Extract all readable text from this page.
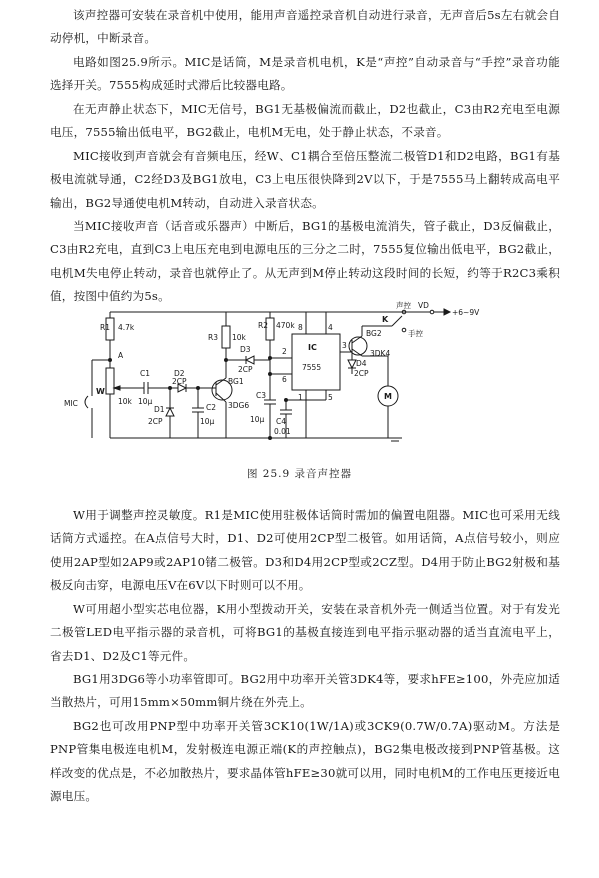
该声控器可安装在录音机中使用，能用声音遥控录音机自动进行录音，无声音后5s左右就会自动停机，中断录音。

电路如图25.9所示。MIC是话筒，M是录音机电机，K是“声控”自动录音与“手控”录音功能选择开关。7555构成延时式滞后比较器电路。

在无声静止状态下，MIC无信号，BG1无基极偏流而截止，D2也截止，C3由R2充电至电源电压，7555输出低电平，BG2截止，电机M无电，处于静止状态，不录音。

MIC接收到声音就会有音频电压，经W、C1耦合至倍压整流二极管D1和D2电路，BG1有基极电流就导通，C2经D3及BG1放电，C3上电压很快降到2V以下，于是7555马上翻转成高电平输出，BG2导通使电机M转动，自动进入录音状态。

当MIC接收声音（话音或乐器声）中断后，BG1的基极电流消失，管子截止，D3反偏截止，C3由R2充电，直到C3上电压充电到电源电压的三分之二时，7555复位输出低电平，BG2截止，电机M失电停止转动，录音也就停止了。从无声到M停止转动这段时间的长短，约等于R2C3乘积值，按图中值约为5s。

R1 4.7k
A
W
10k
MIC
C1
10μ
D2
2CP
D1
2CP
C2
10μ
BG1
3DG6
R3 10k
D3
2CP
R2 470k
C3
10μ C4
0.01
IC
7555
8	4
2
6
3
1	5
D4
2CP
BG2
3DK4
声控
手控
K
VD
+6~9V
M
图 25.9 录音声控器

W用于调整声控灵敏度。R1是MIC使用驻极体话筒时需加的偏置电阻器。MIC也可采用无线话筒方式遥控。在A点信号大时，D1、D2可使用2CP型二极管。如用话筒，A点信号较小，则应使用2AP型如2AP9或2AP10锗二极管。D3和D4用2CP型或2CZ型。D4用于防止BG2射极和基极反向击穿，电源电压V在6V以下时则可以不用。

W可用超小型实芯电位器，K用小型拨动开关，安装在录音机外壳一侧适当位置。对于有发光二极管LED电平指示器的录音机，可将BG1的基极直接连到电平指示驱动器的适当直流电平上，省去D1、D2及C1等元件。

BG1用3DG6等小功率管即可。BG2用中功率开关管3DK4等，要求hFE≥100，外壳应加适当散热片，可用15mm×50mm铜片绕在外壳上。

BG2也可改用PNP型中功率开关管3CK10(1W/1A)或3CK9(0.7W/0.7A)驱动M。方法是PNP管集电极连电机M，发射极连电源正端(K的声控触点)，BG2集电极改接到PNP管基极。这样改变的优点是，不必加散热片，要求晶体管hFE≥30就可以用，同时电机M的工作电压更接近电源电压。
